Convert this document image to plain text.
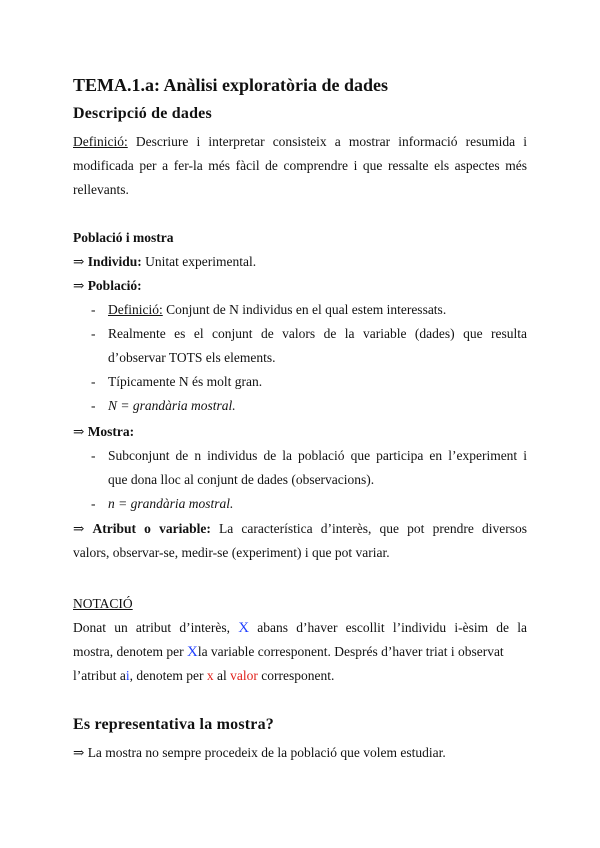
TEMA.1.a: Anàlisi exploratòria de dades
Descripció de dades
Definició: Descriure i interpretar consisteix a mostrar informació resumida i
modificada per a fer-la més fàcil de comprendre i que ressalte els aspectes més
rellevants.
Població i mostra
⇒ Individu: Unitat experimental.
⇒ Població:
- Definició: Conjunt de N individus en el qual estem interessats.
- Realmente es el conjunt de valors de la variable (dades) que resulta
d’observar TOTS els elements.
- Típicamente N és molt gran.
- N = grandària mostral.
⇒ Mostra:
- Subconjunt de n individus de la població que participa en l’experiment i
que dona lloc al conjunt de dades (observacions).
- n = grandària mostral.
⇒ Atribut o variable: La característica d’interès, que pot prendre diversos
valors, observar-se, medir-se (experiment) i que pot variar.
NOTACIÓ
Donat un atribut d’interès, X abans d’haver escollit l’individu i-èsim de la
mostra, denotem per Xla variable corresponent. Després d’haver triat i observat
l’atribut ai, denotem per x al valor corresponent.
Es representativa la mostra?
⇒ La mostra no sempre procedeix de la població que volem estudiar.
